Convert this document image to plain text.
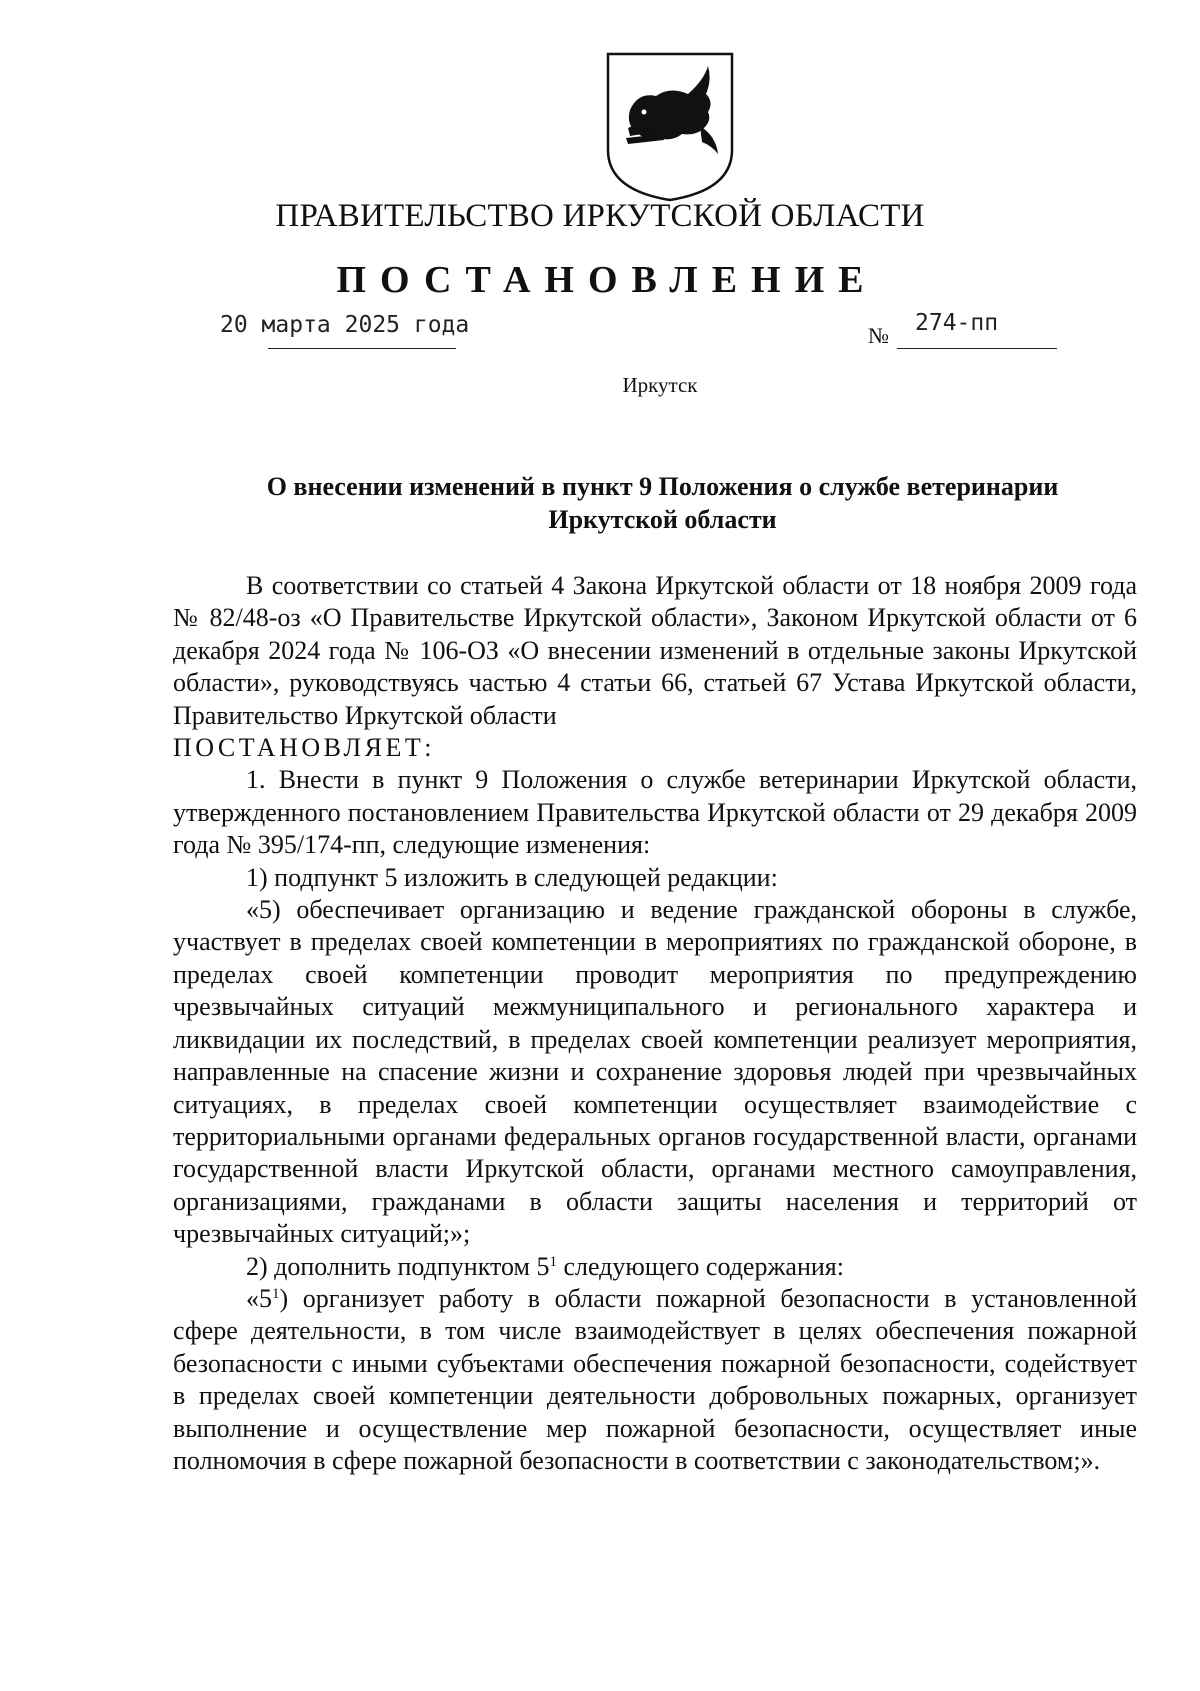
ПРАВИТЕЛЬСТВО ИРКУТСКОЙ ОБЛАСТИ
ПОСТАНОВЛЕНИЕ
20 марта 2025 года	№ 274-пп
Иркутск
О внесении изменений в пункт 9 Положения о службе ветеринарии
Иркутской области

В соответствии со статьей 4 Закона Иркутской области от 18 ноября 2009 года № 82/48-оз «О Правительстве Иркутской области», Законом Иркутской области от 6 декабря 2024 года № 106-ОЗ «О внесении изменений в отдельные законы Иркутской области», руководствуясь частью 4 статьи 66, статьей 67 Устава Иркутской области, Правительство Иркутской области

ПОСТАНОВЛЯЕТ:

1. Внести в пункт 9 Положения о службе ветеринарии Иркутской области, утвержденного постановлением Правительства Иркутской области от 29 декабря 2009 года № 395/174-пп, следующие изменения:

1) подпункт 5 изложить в следующей редакции:

«5) обеспечивает организацию и ведение гражданской обороны в службе, участвует в пределах своей компетенции в мероприятиях по гражданской обороне, в пределах своей компетенции проводит мероприятия по предупреждению чрезвычайных ситуаций межмуниципального и регионального характера и ликвидации их последствий, в пределах своей компетенции реализует мероприятия, направленные на спасение жизни и сохранение здоровья людей при чрезвычайных ситуациях, в пределах своей компетенции осуществляет взаимодействие с территориальными органами федеральных органов государственной власти, органами государственной власти Иркутской области, органами местного самоуправления, организациями, гражданами в области защиты населения и территорий от чрезвычайных ситуаций;»;

2) дополнить подпунктом $5^1$ следующего содержания:

«$5^1$) организует работу в области пожарной безопасности в установленной сфере деятельности, в том числе взаимодействует в целях обеспечения пожарной безопасности с иными субъектами обеспечения пожарной безопасности, содействует в пределах своей компетенции деятельности добровольных пожарных, организует выполнение и осуществление мер пожарной безопасности, осуществляет иные полномочия в сфере пожарной безопасности в соответствии с законодательством;».
